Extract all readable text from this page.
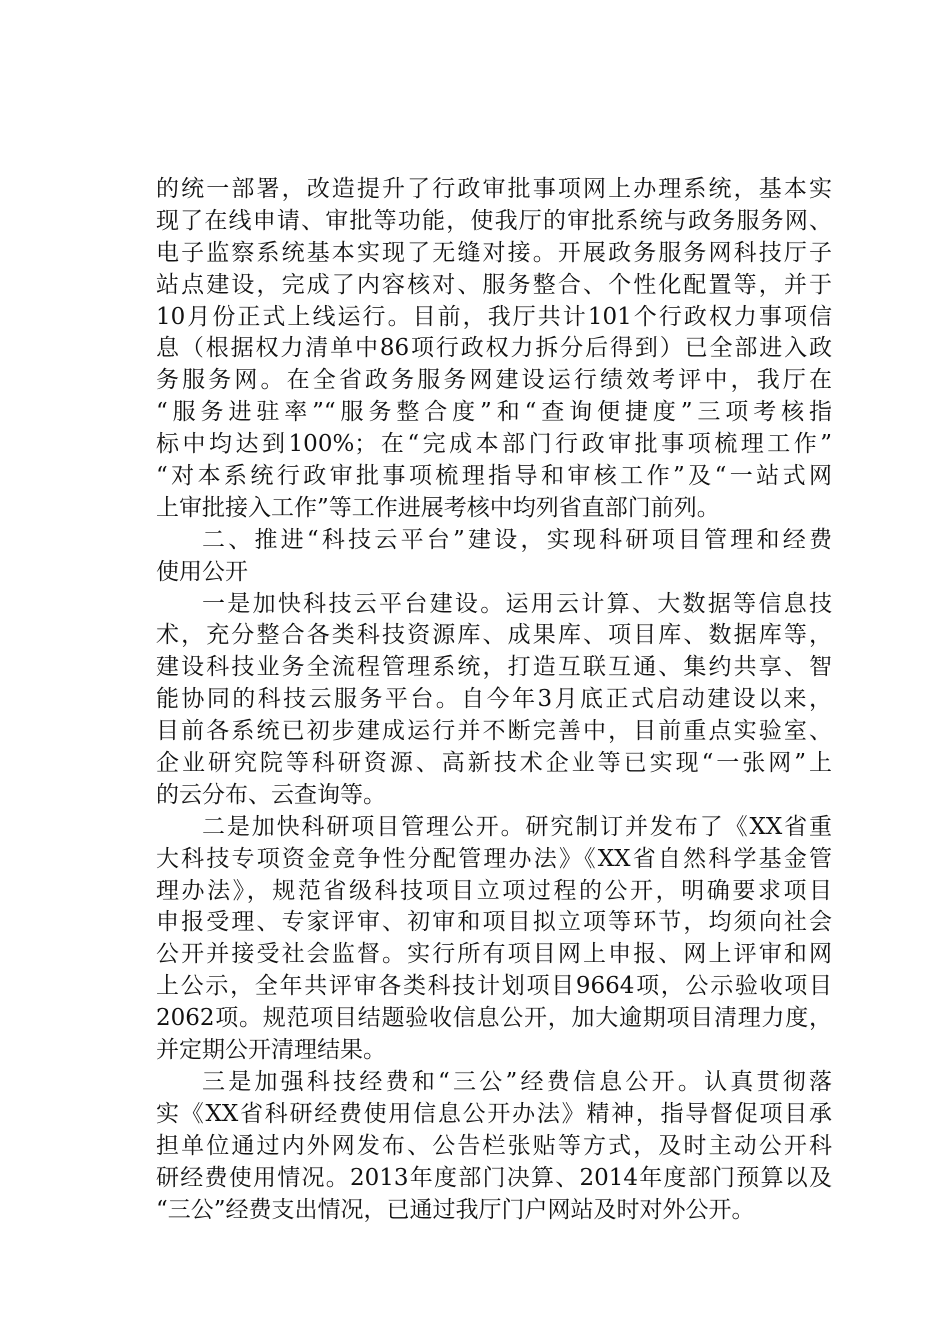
的统一部署，改造提升了行政审批事项网上办理系统，基本实
现了在线申请、审批等功能，使我厅的审批系统与政务服务网、
电子监察系统基本实现了无缝对接。开展政务服务网科技厅子
站点建设，完成了内容核对、服务整合、个性化配置等，并于
10月份正式上线运行。目前，我厅共计101个行政权力事项信
息（根据权力清单中86项行政权力拆分后得到）已全部进入政
务服务网。在全省政务服务网建设运行绩效考评中，我厅在
“服务进驻率”“服务整合度”和“查询便捷度”三项考核指
标中均达到100%；在“完成本部门行政审批事项梳理工作”
“对本系统行政审批事项梳理指导和审核工作”及“一站式网
上审批接入工作”等工作进展考核中均列省直部门前列。
二、推进“科技云平台”建设，实现科研项目管理和经费
使用公开
一是加快科技云平台建设。运用云计算、大数据等信息技
术，充分整合各类科技资源库、成果库、项目库、数据库等，
建设科技业务全流程管理系统，打造互联互通、集约共享、智
能协同的科技云服务平台。自今年3月底正式启动建设以来，
目前各系统已初步建成运行并不断完善中，目前重点实验室、
企业研究院等科研资源、高新技术企业等已实现“一张网”上
的云分布、云查询等。
二是加快科研项目管理公开。研究制订并发布了《XX省重
大科技专项资金竞争性分配管理办法》《XX省自然科学基金管
理办法》，规范省级科技项目立项过程的公开，明确要求项目
申报受理、专家评审、初审和项目拟立项等环节，均须向社会
公开并接受社会监督。实行所有项目网上申报、网上评审和网
上公示，全年共评审各类科技计划项目9664项，公示验收项目
2062项。规范项目结题验收信息公开，加大逾期项目清理力度，
并定期公开清理结果。
三是加强科技经费和“三公”经费信息公开。认真贯彻落
实《XX省科研经费使用信息公开办法》精神，指导督促项目承
担单位通过内外网发布、公告栏张贴等方式，及时主动公开科
研经费使用情况。2013年度部门决算、2014年度部门预算以及
“三公”经费支出情况，已通过我厅门户网站及时对外公开。
